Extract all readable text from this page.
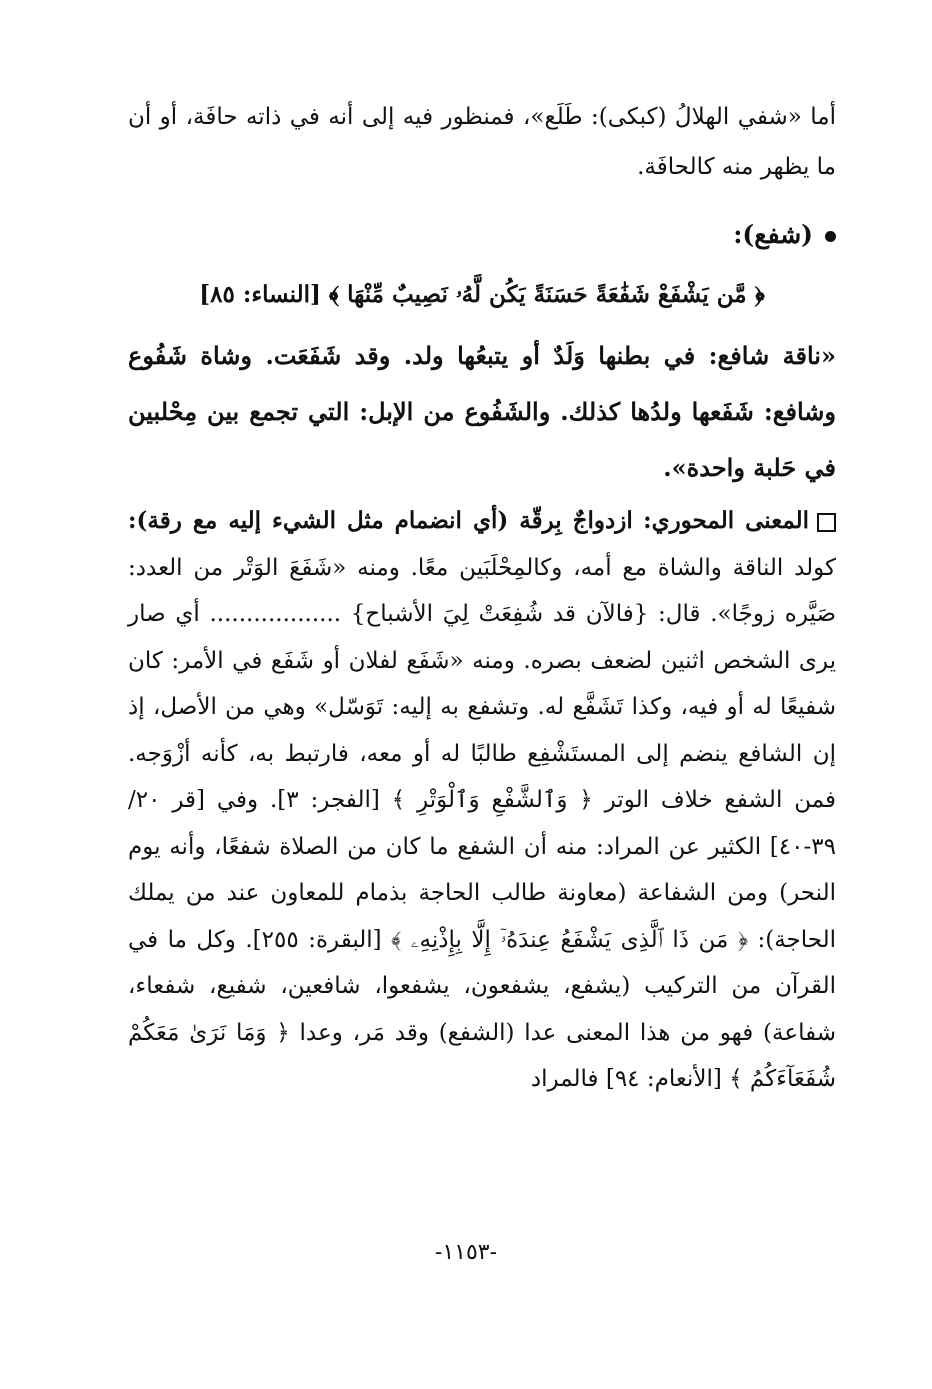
أما «شفي الهلالُ (كبكى): طَلَع»، فمنظور فيه إلى أنه في ذاته حافَة، أو أن ما يظهر منه كالحافَة.

(شفع):
﴿ مَّن يَشْفَعْ شَفَٰعَةً حَسَنَةً يَكُن لَّهُۥ نَصِيبٌ مِّنْهَا ﴾ [النساء: ٨٥]

«ناقة شافع: في بطنها وَلَدٌ أو يتبعُها ولد. وقد شَفَعَت. وشاة شَفُوع وشافع: شَفَعها ولدُها كذلك. والشَفُوع من الإبل: التي تجمع بين مِحْلبين في حَلبة واحدة».

المعنى المحوري: ازدواجٌ بِرقّة (أي انضمام مثل الشيء إليه مع رقة): كولد الناقة والشاة مع أمه، وكالمِحْلَبَين معًا. ومنه «شَفَعَ الوَتْر من العدد: صَيَّره زوجًا». قال: {فالآن قد شُفِعَتْ لِيَ الأشباح} .................. أي صار يرى الشخص اثنين لضعف بصره. ومنه «شَفَع لفلان أو شَفَع في الأمر: كان شفيعًا له أو فيه، وكذا تَشَفَّع له. وتشفع به إليه: تَوَسّل» وهي من الأصل، إذ إن الشافع ينضم إلى المستَشْفِع طالبًا له أو معه، فارتبط به، كأنه أزْوَجه. فمن الشفع خلاف الوتر ﴿ وَٱلشَّفْعِ وَٱلْوَتْرِ ﴾ [الفجر: ٣]. وفي [قر ٢٠/ ٣٩-٤٠] الكثير عن المراد: منه أن الشفع ما كان من الصلاة شفعًا، وأنه يوم النحر) ومن الشفاعة (معاونة طالب الحاجة بذمام للمعاون عند من يملك الحاجة): ﴿ مَن ذَا ٱلَّذِى يَشْفَعُ عِندَهُۥٓ إِلَّا بِإِذْنِهِۦ ﴾ [البقرة: ٢٥٥]. وكل ما في القرآن من التركيب (يشفع، يشفعون، يشفعوا، شافعين، شفيع، شفعاء، شفاعة) فهو من هذا المعنى عدا (الشفع) وقد مَر، وعدا ﴿ وَمَا نَرَىٰ مَعَكُمْ شُفَعَآءَكُمُ ﴾ [الأنعام: ٩٤] فالمراد

-١١٥٣-
